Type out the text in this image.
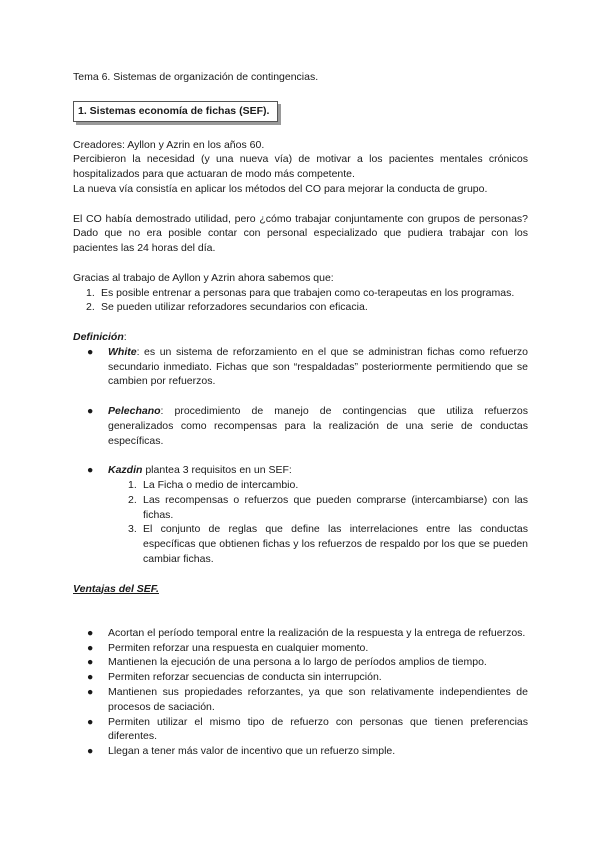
Tema 6. Sistemas de organización de contingencias.

1. Sistemas economía de fichas (SEF).

Creadores: Ayllon y Azrin en los años 60.

Percibieron la necesidad (y una nueva vía) de motivar a los pacientes mentales crónicos hospitalizados para que actuaran de modo más competente.

La nueva vía consistía en aplicar los métodos del CO para mejorar la conducta de grupo.

El CO había demostrado utilidad, pero ¿cómo trabajar conjuntamente con grupos de personas? Dado que no era posible contar con personal especializado que pudiera trabajar con los pacientes las 24 horas del día.

Gracias al trabajo de Ayllon y Azrin ahora sabemos que:

1. Es posible entrenar a personas para que trabajen como co-terapeutas en los programas.
2. Se pueden utilizar reforzadores secundarios con eficacia.

Definición:

● White: es un sistema de reforzamiento en el que se administran fichas como refuerzo secundario inmediato. Fichas que son “respaldadas” posteriormente permitiendo que se cambien por refuerzos.
● Pelechano: procedimiento de manejo de contingencias que utiliza refuerzos generalizados como recompensas para la realización de una serie de conductas específicas.
● Kazdin plantea 3 requisitos en un SEF:
1. La Ficha o medio de intercambio.
2. Las recompensas o refuerzos que pueden comprarse (intercambiarse) con las fichas.
3. El conjunto de reglas que define las interrelaciones entre las conductas específicas que obtienen fichas y los refuerzos de respaldo por los que se pueden cambiar fichas.

Ventajas del SEF.

● Acortan el período temporal entre la realización de la respuesta y la entrega de refuerzos.
● Permiten reforzar una respuesta en cualquier momento.
● Mantienen la ejecución de una persona a lo largo de períodos amplios de tiempo.
● Permiten reforzar secuencias de conducta sin interrupción.
● Mantienen sus propiedades reforzantes, ya que son relativamente independientes de procesos de saciación.
● Permiten utilizar el mismo tipo de refuerzo con personas que tienen preferencias diferentes.
● Llegan a tener más valor de incentivo que un refuerzo simple.
